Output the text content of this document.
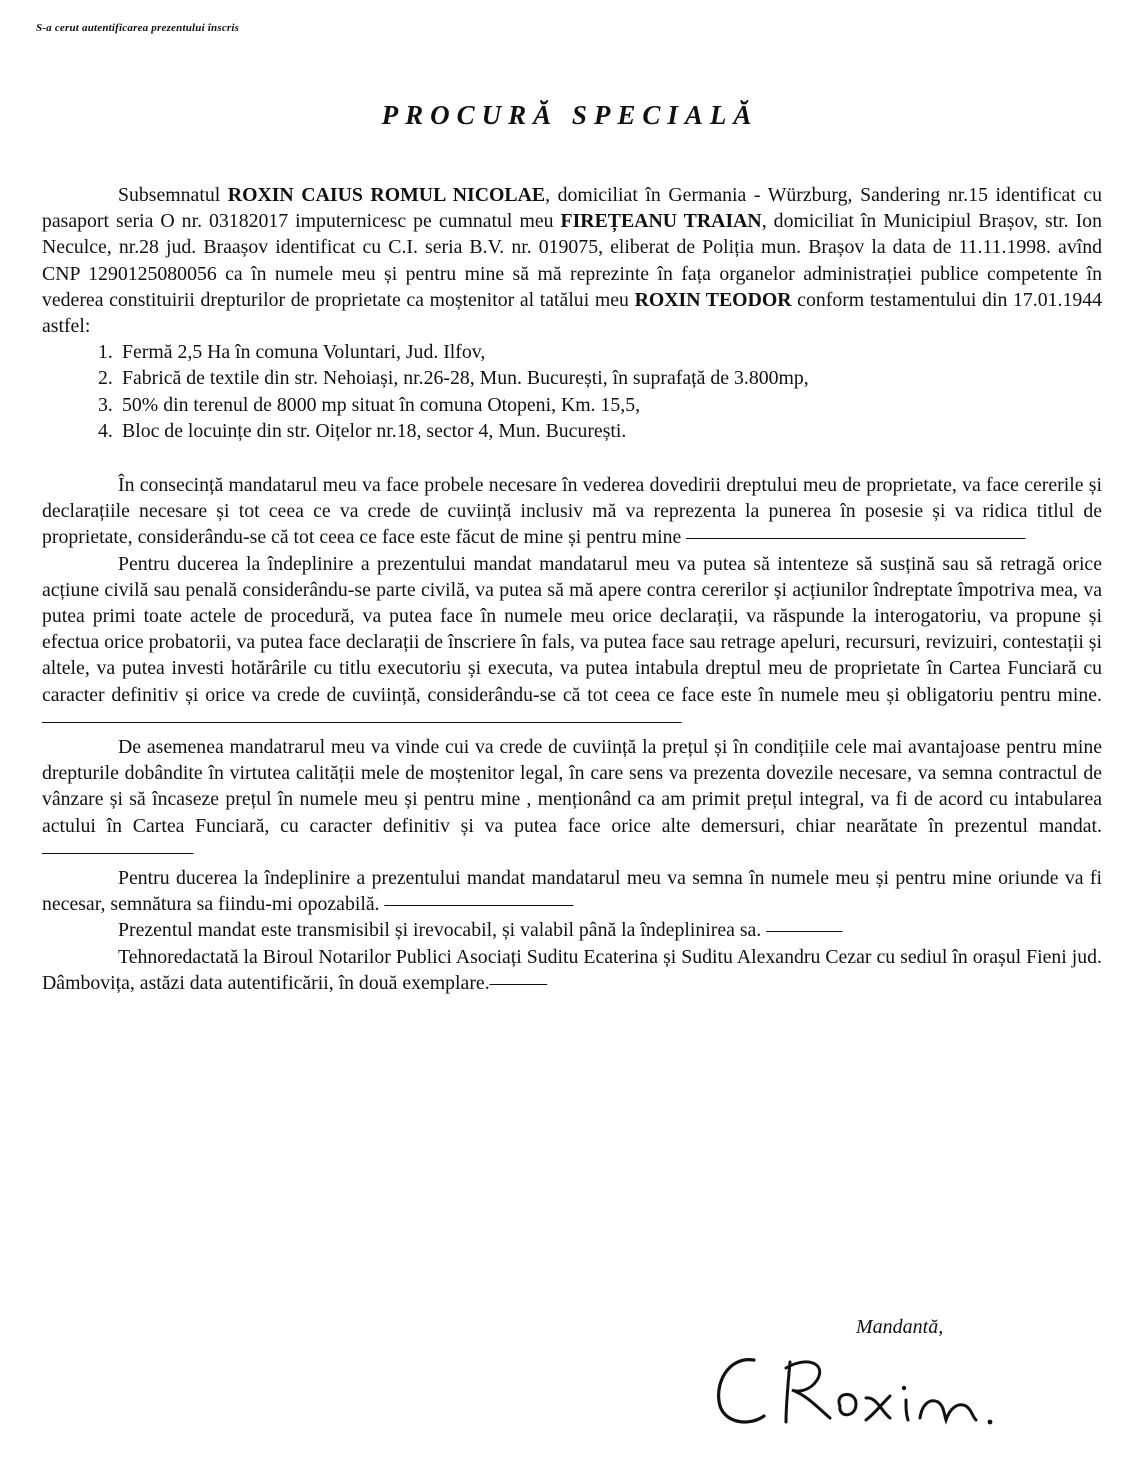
S-a cerut autentificarea prezentului înscris
PROCURĂ SPECIALĂ

Subsemnatul ROXIN CAIUS ROMUL NICOLAE, domiciliat în Germania - Würzburg, Sandering nr.15 identificat cu pasaport seria O nr. 03182017 imputernicesc pe cumnatul meu FIREȚEANU TRAIAN, domiciliat în Municipiul Brașov, str. Ion Neculce, nr.28 jud. Braașov identificat cu C.I. seria B.V. nr. 019075, eliberat de Poliția mun. Brașov la data de 11.11.1998. avînd CNP 1290125080056 ca în numele meu și pentru mine să mă reprezinte în fața organelor administrației publice competente în vederea constituirii drepturilor de proprietate ca moștenitor al tatălui meu ROXIN TEODOR conform testamentului din 17.01.1944 astfel:

1. Fermă 2,5 Ha în comuna Voluntari, Jud. Ilfov,
2. Fabrică de textile din str. Nehoiași, nr.26-28, Mun. București, în suprafață de 3.800mp,
3. 50% din terenul de 8000 mp situat în comuna Otopeni, Km. 15,5,
4. Bloc de locuințe din str. Oițelor nr.18, sector 4, Mun. București.

În consecință mandatarul meu va face probele necesare în vederea dovedirii dreptului meu de proprietate, va face cererile și declarațiile necesare și tot ceea ce va crede de cuviință inclusiv mă va reprezenta la punerea în posesie și va ridica titlul de proprietate, considerându-se că tot ceea ce face este făcut de mine și pentru mine ——————————————————

Pentru ducerea la îndeplinire a prezentului mandat mandatarul meu va putea să intenteze să susțină sau să retragă orice acțiune civilă sau penală considerându-se parte civilă, va putea să mă apere contra cererilor și acțiunilor îndreptate împotriva mea, va putea primi toate actele de procedură, va putea face în numele meu orice declarații, va răspunde la interogatoriu, va propune și efectua orice probatorii, va putea face declarații de înscriere în fals, va putea face sau retrage apeluri, recursuri, revizuiri, contestații și altele, va putea investi hotărârile cu titlu executoriu și executa, va putea intabula dreptul meu de proprietate în Cartea Funciară cu caracter definitiv și orice va crede de cuviință, considerându-se că tot ceea ce face este în numele meu și obligatoriu pentru mine.——————————————————————————————————

De asemenea mandatrarul meu va vinde cui va crede de cuviință la prețul și în condițiile cele mai avantajoase pentru mine drepturile dobândite în virtutea calității mele de moștenitor legal, în care sens va prezenta dovezile necesare, va semna contractul de vânzare și să încaseze prețul în numele meu și pentru mine , menționând ca am primit prețul integral, va fi de acord cu intabularea actului în Cartea Funciară, cu caracter definitiv și va putea face orice alte demersuri, chiar nearătate în prezentul mandat. ————————

Pentru ducerea la îndeplinire a prezentului mandat mandatarul meu va semna în numele meu și pentru mine oriunde va fi necesar, semnătura sa fiindu-mi opozabilă. ——————————

Prezentul mandat este transmisibil și irevocabil, și valabil până la îndeplinirea sa. ————

Tehnoredactată la Biroul Notarilor Publici Asociați Suditu Ecaterina și Suditu Alexandru Cezar cu sediul în orașul Fieni jud. Dâmbovița, astăzi data autentificării, în două exemplare.———

Mandantă,
